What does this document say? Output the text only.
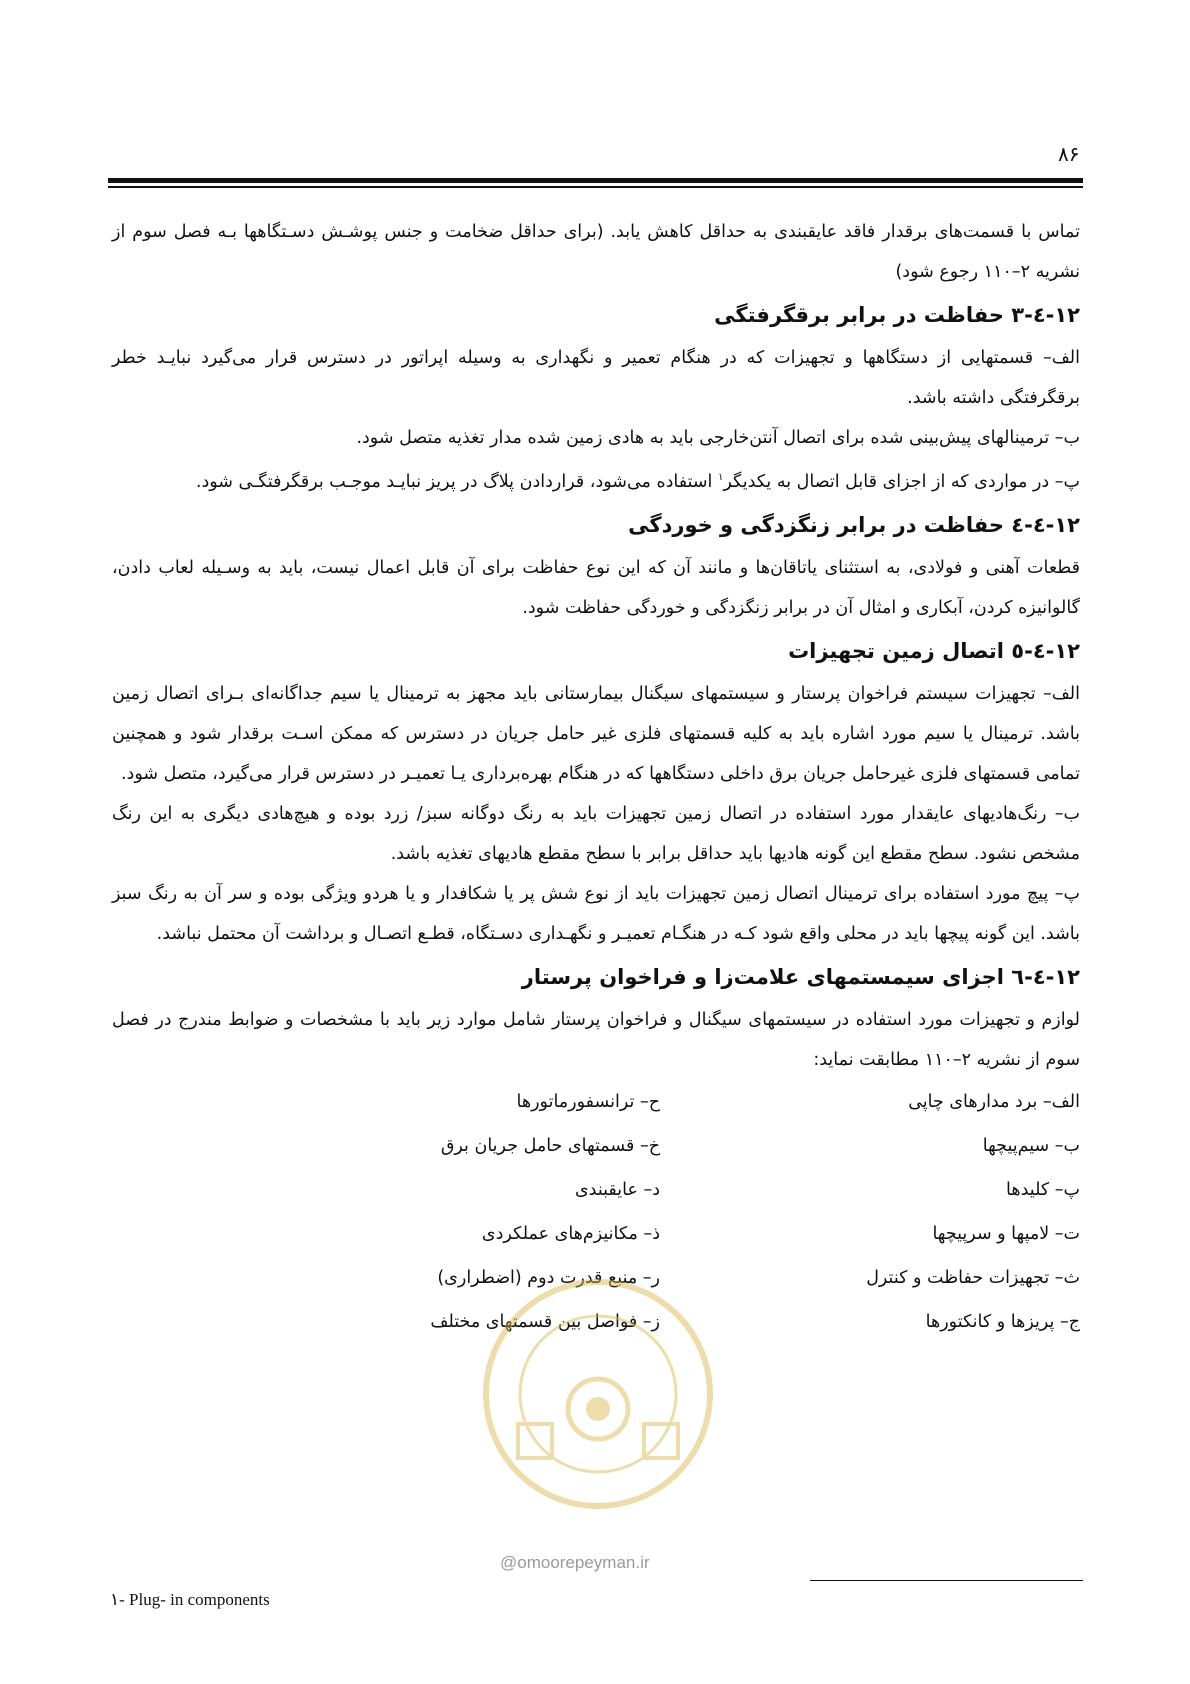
۸۶

تماس با قسمت‌های برقدار فاقد عایقبندی به حداقل کاهش یابد. (برای حداقل ضخامت و جنس پوشـش دسـتگاهها بـه فصل سوم از نشریه ۲–۱۱۰ رجوع شود)

۱۲-٤-۳ حفاظت در برابر برقگرفتگی

الف– قسمتهایی از دستگاهها و تجهیزات که در هنگام تعمیر و نگهداری به وسیله اپراتور در دسترس قرار می‌گیرد نبایـد خطر برقگرفتگی داشته باشد.

ب– ترمینالهای پیش‌بینی شده برای اتصال آنتن‌خارجی باید به هادی زمین شده مدار تغذیه متصل شود.

پ– در مواردی که از اجزای قابل اتصال به یکدیگر$^۱$ استفاده می‌شود، قراردادن پلاگ در پریز نبایـد موجـب برقگرفتگـی شود.

۱۲-٤-٤ حفاظت در برابر زنگزدگی و خوردگی

قطعات آهنی و فولادی، به استثنای یاتاقان‌ها و مانند آن که این نوع حفاظت برای آن قابل اعمال نیست، باید به وسـیله لعاب دادن، گالوانیزه کردن، آبکاری و امثال آن در برابر زنگزدگی و خوردگی حفاظت شود.

۱۲-٤-٥ اتصال زمین تجهیزات

الف– تجهیزات سیستم فراخوان پرستار و سیستمهای سیگنال بیمارستانی باید مجهز به ترمینال یا سیم جداگانه‌ای بـرای اتصال زمین باشد. ترمینال یا سیم مورد اشاره باید به کلیه قسمتهای فلزی غیر حامل جریان در دسترس که ممکن اسـت برقدار شود و همچنین تمامی قسمتهای فلزی غیرحامل جریان برق داخلی دستگاهها که در هنگام بهره‌برداری یـا تعمیـر در دسترس قرار می‌گیرد، متصل شود.

ب– رنگ‌هادیهای عایقدار مورد استفاده در اتصال زمین تجهیزات باید به رنگ دوگانه سبز/ زرد بوده و هیچ‌هادی دیگری به این رنگ مشخص نشود. سطح مقطع این گونه هادیها باید حداقل برابر با سطح مقطع هادیهای تغذیه باشد.

پ– پیچ مورد استفاده برای ترمینال اتصال زمین تجهیزات باید از نوع شش پر یا شکافدار و یا هردو ویژگی بوده و سر آن به رنگ سبز باشد. این گونه پیچها باید در محلی واقع شود کـه در هنگـام تعمیـر و نگهـداری دسـتگاه، قطـع اتصـال و برداشت آن محتمل نباشد.

۱۲-٤-٦ اجزای سیمستمهای علامت‌زا و فراخوان پرستار

لوازم و تجهیزات مورد استفاده در سیستمهای سیگنال و فراخوان پرستار شامل موارد زیر باید با مشخصات و ضوابط مندرج در فصل سوم از نشریه ۲–۱۱۰ مطابقت نماید:

الف– برد مدارهای چاپی
ب– سیم‌پیچها
پ– کلیدها
ت– لامپها و سرپیچها
ث– تجهیزات حفاظت و کنترل
ج– پریزها و کانکتورها
ح– ترانسفورماتورها
خ– قسمتهای حامل جریان برق
د– عایقبندی
ذ– مکانیزم‌های عملکردی
ر– منبع قدرت دوم (اضطراری)
ز– فواصل بین قسمتهای مختلف
@omoorepeyman.ir
۱- Plug- in components
